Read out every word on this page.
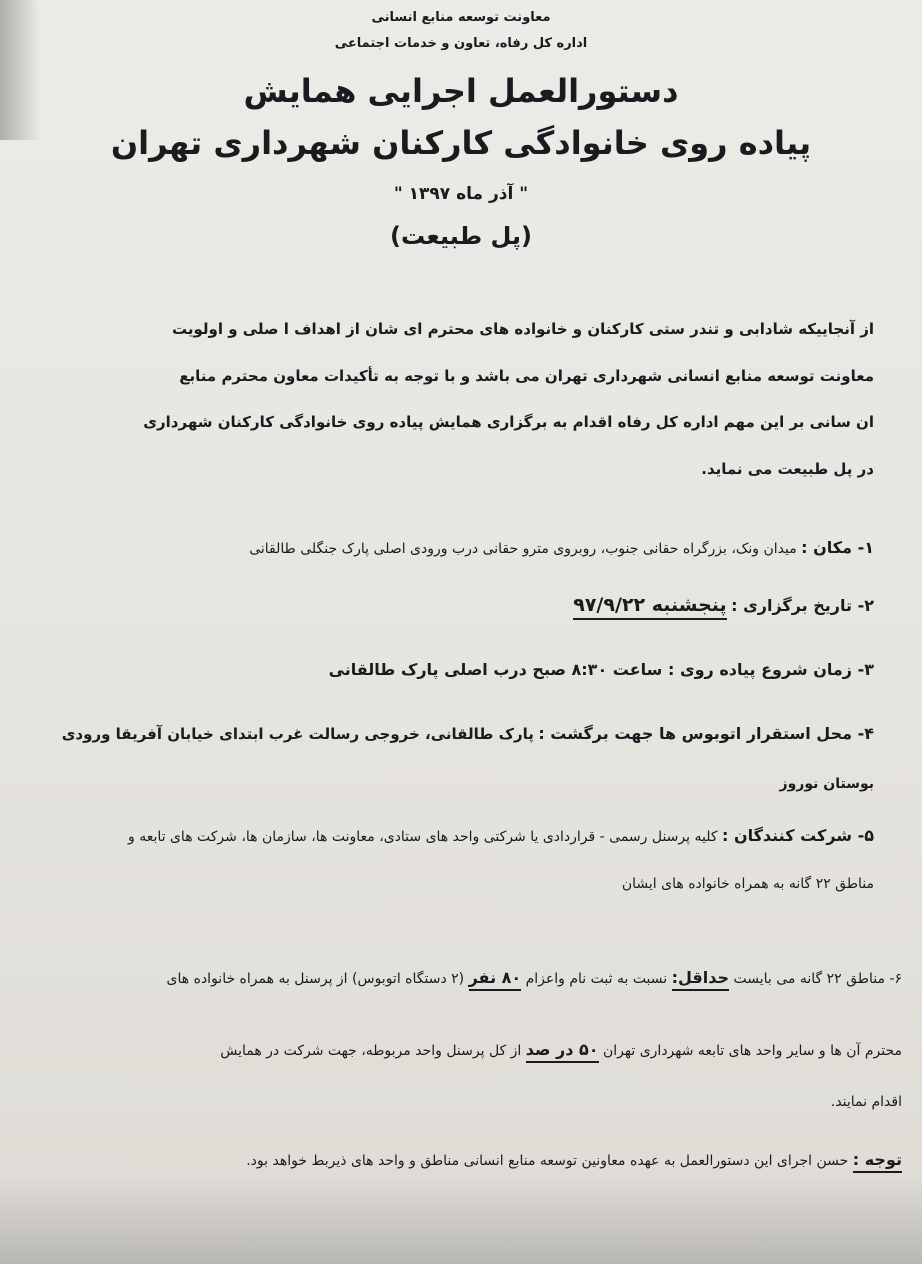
معاونت توسعه منابع انسانی
اداره کل رفاه، تعاون و خدمات اجتماعی
دستورالعمل اجرایی همایش
پیاده روی خانوادگی کارکنان شهرداری تهران
" آذر ماه ۱۳۹۷ "
(پل طبیعت)
از آنجاییکه شادابی و تندر ستی کارکنان و خانواده های محترم ای شان از اهداف ا صلی و اولویت
معاونت توسعه منابع انسانی شهرداری تهران می باشد و با توجه به تأکیدات معاون محترم منابع
ان سانی بر این مهم اداره کل رفاه اقدام به برگزاری همایش پیاده روی خانوادگی کارکنان شهرداری
در پل طبیعت می نماید.
۱- مکان : میدان ونک، بزرگراه حقانی جنوب، روبروی مترو حقانی درب ورودی اصلی پارک جنگلی طالقانی
۲- تاریخ برگزاری : پنجشنبه ۹۷/۹/۲۲
۳- زمان شروع پیاده روی : ساعت ۸:۳۰ صبح درب اصلی پارک طالقانی
۴- محل استقرار اتوبوس ها جهت برگشت : پارک طالقانی، خروجی رسالت غرب ابتدای خیابان آفریقا ورودی
بوستان نوروز
۵- شرکت کنندگان : کلیه پرسنل رسمی - قراردادی یا شرکتی واحد های ستادی، معاونت ها، سازمان ها، شرکت های تابعه و
مناطق ۲۲ گانه به همراه خانواده های ایشان
۶- مناطق ۲۲ گانه می بایست حداقل: نسبت به ثبت نام واعزام ۸۰ نفر (۲ دستگاه اتوبوس) از پرسنل به همراه خانواده های
محترم آن ها و سایر واحد های تابعه شهرداری تهران ۵۰ در صد از کل پرسنل واحد مربوطه، جهت شرکت در همایش
اقدام نمایند.
توجه : حسن اجرای این دستورالعمل به عهده معاونین توسعه منابع انسانی مناطق و واحد های ذیربط خواهد بود.
